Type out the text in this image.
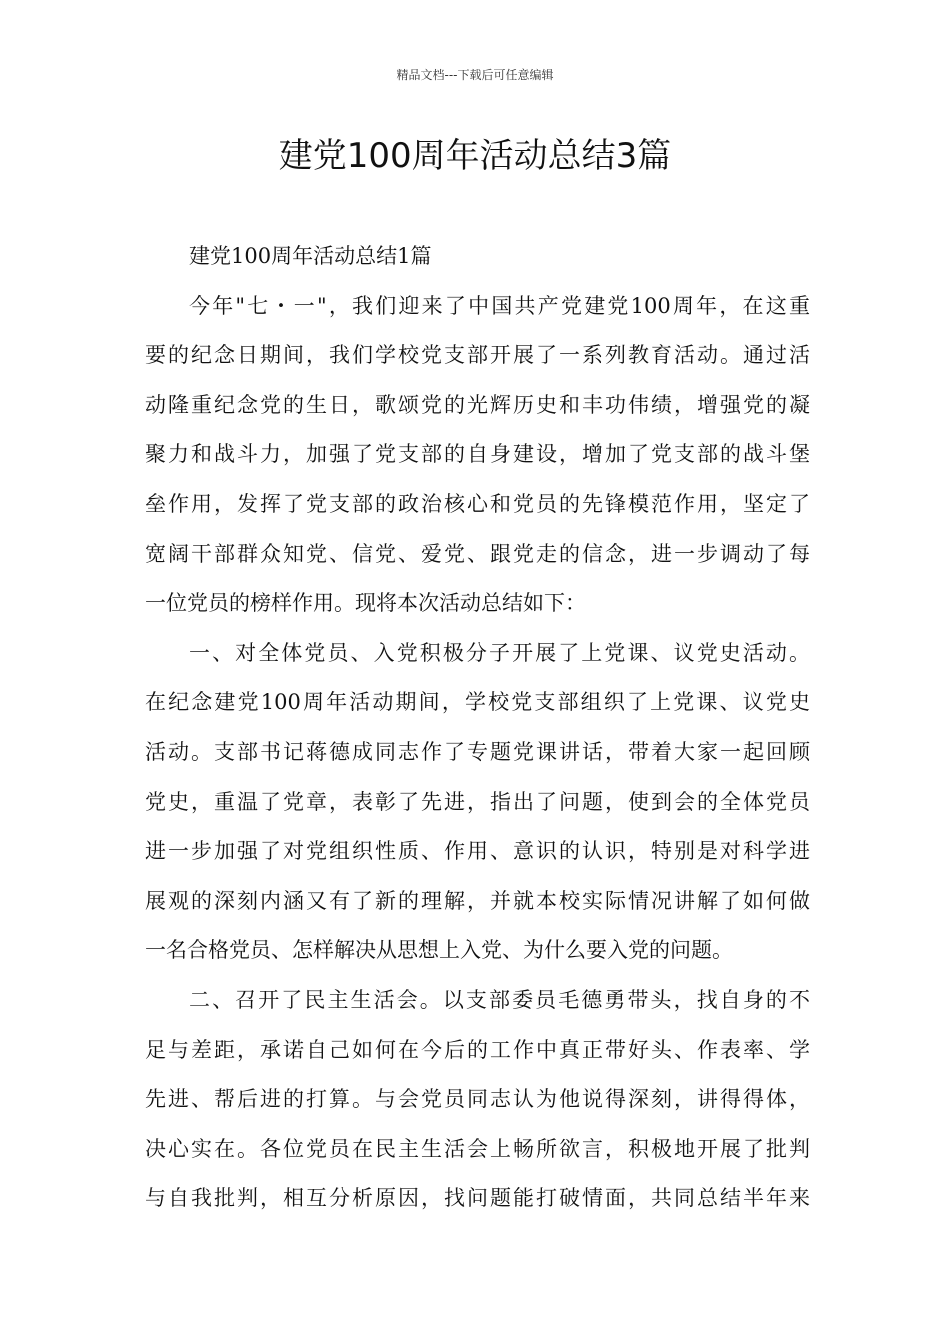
精品文档---下载后可任意编辑
建党100周年活动总结3篇
建党100周年活动总结1篇
今年"七・一"，我们迎来了中国共产党建党100周年，在这重
要的纪念日期间，我们学校党支部开展了一系列教育活动。通过活
动隆重纪念党的生日，歌颂党的光辉历史和丰功伟绩，增强党的凝
聚力和战斗力，加强了党支部的自身建设，增加了党支部的战斗堡
垒作用，发挥了党支部的政治核心和党员的先锋模范作用，坚定了
宽阔干部群众知党、信党、爱党、跟党走的信念，进一步调动了每
一位党员的榜样作用。现将本次活动总结如下：
一、对全体党员、入党积极分子开展了上党课、议党史活动。
在纪念建党100周年活动期间，学校党支部组织了上党课、议党史
活动。支部书记蒋德成同志作了专题党课讲话，带着大家一起回顾
党史，重温了党章，表彰了先进，指出了问题，使到会的全体党员
进一步加强了对党组织性质、作用、意识的认识，特别是对科学进
展观的深刻内涵又有了新的理解，并就本校实际情况讲解了如何做
一名合格党员、怎样解决从思想上入党、为什么要入党的问题。
二、召开了民主生活会。以支部委员毛德勇带头，找自身的不
足与差距，承诺自己如何在今后的工作中真正带好头、作表率、学
先进、帮后进的打算。与会党员同志认为他说得深刻，讲得得体，
决心实在。各位党员在民主生活会上畅所欲言，积极地开展了批判
与自我批判，相互分析原因，找问题能打破情面，共同总结半年来
